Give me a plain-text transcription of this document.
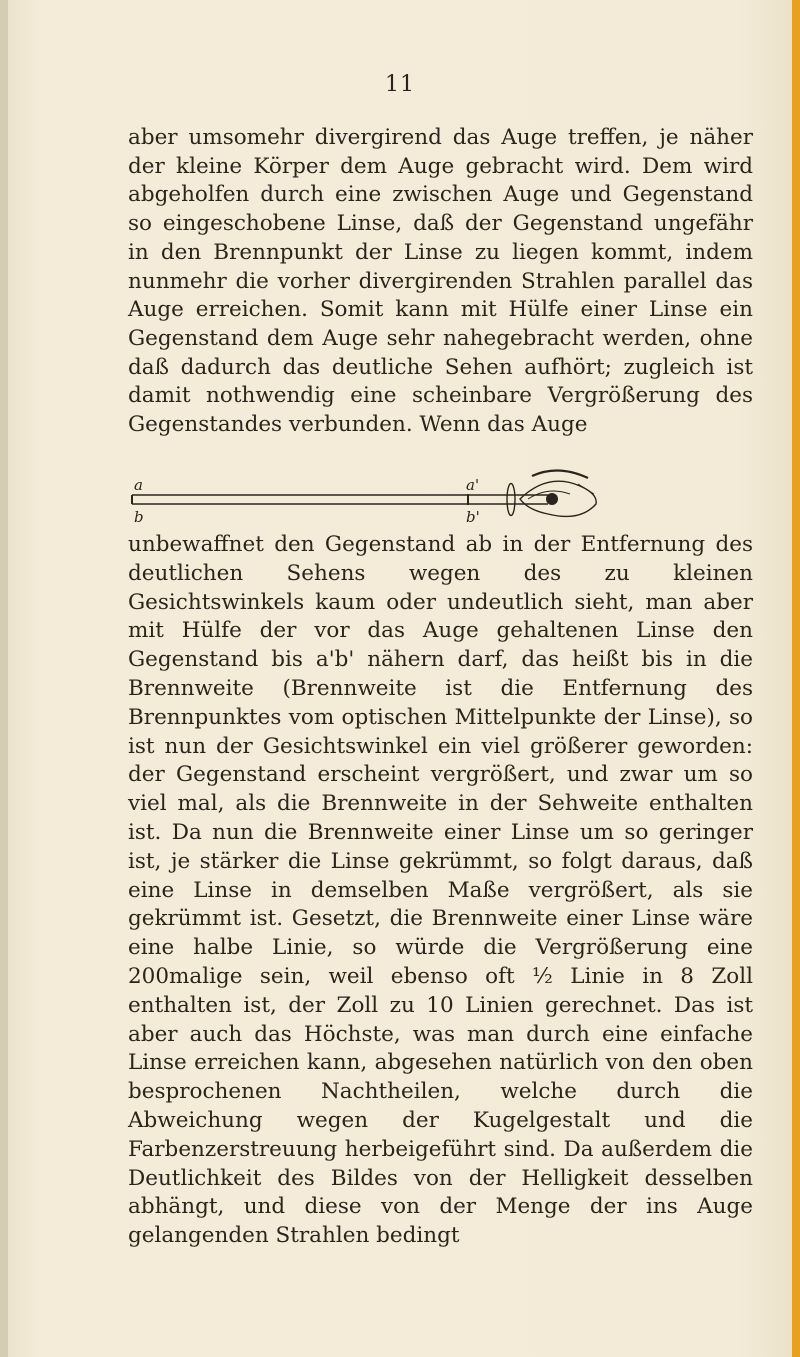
11

aber umsomehr divergirend das Auge treffen, je näher der kleine Körper dem Auge gebracht wird. Dem wird abgeholfen durch eine zwischen Auge und Gegenstand so eingeschobene Linse, daß der Gegenstand ungefähr in den Brennpunkt der Linse zu liegen kommt, indem nunmehr die vorher divergirenden Strahlen parallel das Auge erreichen. Somit kann mit Hülfe einer Linse ein Gegenstand dem Auge sehr nahegebracht werden, ohne daß dadurch das deutliche Sehen aufhört; zugleich ist damit nothwendig eine scheinbare Vergrößerung des Gegenstandes verbunden. Wenn das Auge

a
b
a'
b'

unbewaffnet den Gegenstand ab in der Entfernung des deutlichen Sehens wegen des zu kleinen Gesichtswinkels kaum oder undeutlich sieht, man aber mit Hülfe der vor das Auge gehaltenen Linse den Gegenstand bis a'b' nähern darf, das heißt bis in die Brennweite (Brennweite ist die Entfernung des Brennpunktes vom optischen Mittelpunkte der Linse), so ist nun der Gesichtswinkel ein viel größerer geworden: der Gegenstand erscheint vergrößert, und zwar um so viel mal, als die Brennweite in der Sehweite enthalten ist. Da nun die Brennweite einer Linse um so geringer ist, je stärker die Linse gekrümmt, so folgt daraus, daß eine Linse in demselben Maße vergrößert, als sie gekrümmt ist. Gesetzt, die Brennweite einer Linse wäre eine halbe Linie, so würde die Vergrößerung eine 200malige sein, weil ebenso oft ½ Linie in 8 Zoll enthalten ist, der Zoll zu 10 Linien gerechnet. Das ist aber auch das Höchste, was man durch eine einfache Linse erreichen kann, abgesehen natürlich von den oben besprochenen Nachtheilen, welche durch die Abweichung wegen der Kugelgestalt und die Farbenzerstreuung herbeigeführt sind. Da außerdem die Deutlichkeit des Bildes von der Helligkeit desselben abhängt, und diese von der Menge der ins Auge gelangenden Strahlen bedingt
